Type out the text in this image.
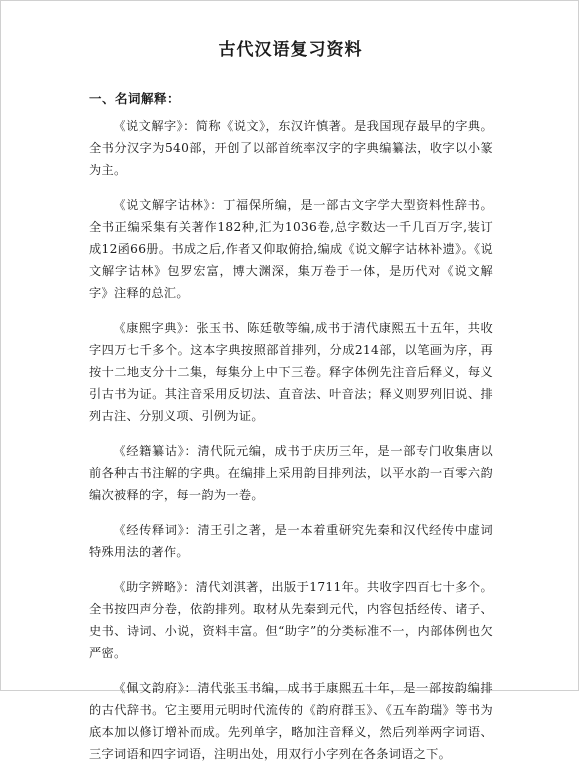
古代汉语复习资料
一、名词解释：

《说文解字》：简称《说文》，东汉许慎著。是我国现存最早的字典。全书分汉字为540部，开创了以部首统率汉字的字典编纂法，收字以小篆为主。

《说文解字诂林》：丁福保所编，是一部古文字学大型资料性辞书。全书正编采集有关著作182种,汇为1036卷,总字数达一千几百万字,装订成12函66册。书成之后,作者又仰取俯拾,编成《说文解字诂林补遗》。《说文解字诂林》包罗宏富，博大渊深，集万卷于一体，是历代对《说文解字》注释的总汇。

《康熙字典》：张玉书、陈廷敬等编,成书于清代康熙五十五年，共收字四万七千多个。这本字典按照部首排列，分成214部，以笔画为序，再按十二地支分十二集，每集分上中下三卷。释字体例先注音后释义，每义引古书为证。其注音采用反切法、直音法、叶音法；释义则罗列旧说、排列古注、分别义项、引例为证。

《经籍纂诂》：清代阮元编，成书于庆历三年，是一部专门收集唐以前各种古书注解的字典。在编排上采用韵目排列法，以平水韵一百零六韵编次被释的字，每一韵为一卷。

《经传释词》：清王引之著，是一本着重研究先秦和汉代经传中虚词特殊用法的著作。

《助字辨略》：清代刘淇著，出版于1711年。共收字四百七十多个。全书按四声分卷，依韵排列。取材从先秦到元代，内容包括经传、诸子、史书、诗词、小说，资料丰富。但“助字”的分类标准不一，内部体例也欠严密。

《佩文韵府》：清代张玉书编，成书于康熙五十年，是一部按韵编排的古代辞书。它主要用元明时代流传的《韵府群玉》、《五车韵瑞》等书为底本加以修订增补而成。先列单字，略加注音释义，然后列举两字词语、三字词语和四字词语，注明出处，用双行小字列在各条词语之下。
